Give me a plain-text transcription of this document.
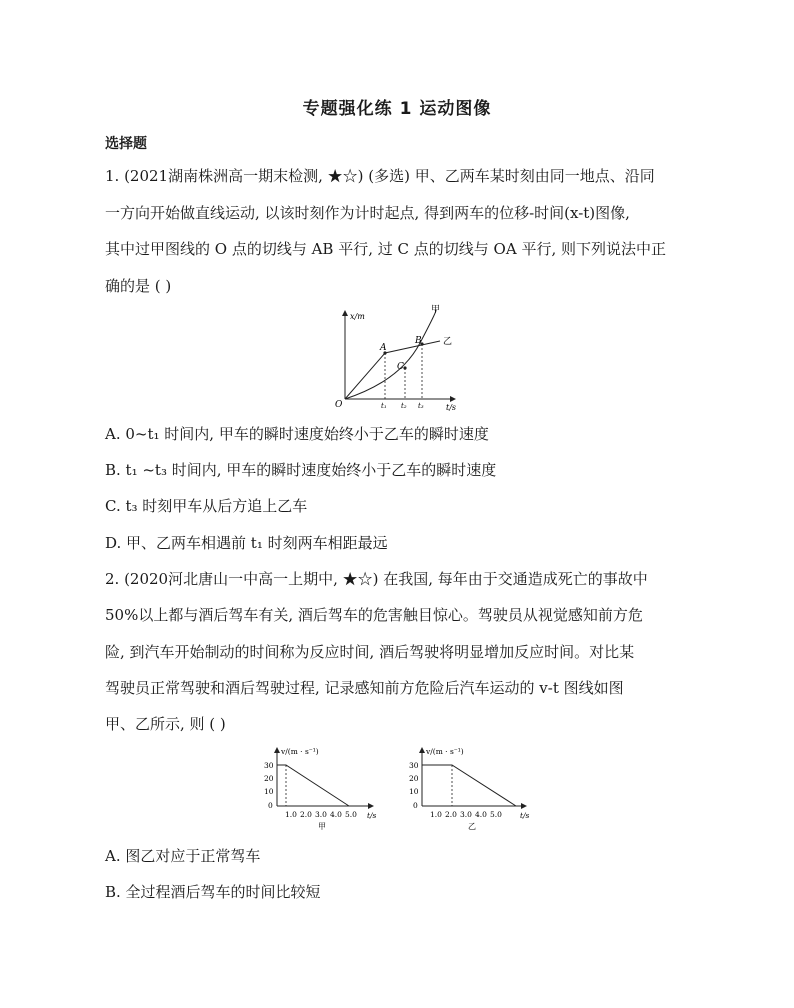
专题强化练 1 运动图像
选择题
1. (2021湖南株洲高一期末检测, ★☆) (多选) 甲、乙两车某时刻由同一地点、沿同
一方向开始做直线运动, 以该时刻作为计时起点, 得到两车的位移-时间(x-t)图像,
其中过甲图线的 O 点的切线与 AB 平行, 过 C 点的切线与 OA 平行, 则下列说法中正
确的是 ( )
x/m
t/s
O
乙
甲
A
B
C
t₁ t₂ t₃
A. 0~t₁ 时间内, 甲车的瞬时速度始终小于乙车的瞬时速度
B. t₁ ~t₃ 时间内, 甲车的瞬时速度始终小于乙车的瞬时速度
C. t₃ 时刻甲车从后方追上乙车
D. 甲、乙两车相遇前 t₁ 时刻两车相距最远
2. (2020河北唐山一中高一上期中, ★☆) 在我国, 每年由于交通造成死亡的事故中
50%以上都与酒后驾车有关, 酒后驾车的危害触目惊心。驾驶员从视觉感知前方危
险, 到汽车开始制动的时间称为反应时间, 酒后驾驶将明显增加反应时间。对比某
驾驶员正常驾驶和酒后驾驶过程, 记录感知前方危险后汽车运动的 v-t 图线如图
甲、乙所示, 则 ( )
v/(m · s⁻¹)
t/s
30
20
10
0
1.0 2.0 3.0 4.0 5.0
甲
v/(m · s⁻¹)
t/s
30
20
10
0
1.0 2.0 3.0 4.0 5.0
乙
A. 图乙对应于正常驾车
B. 全过程酒后驾车的时间比较短
